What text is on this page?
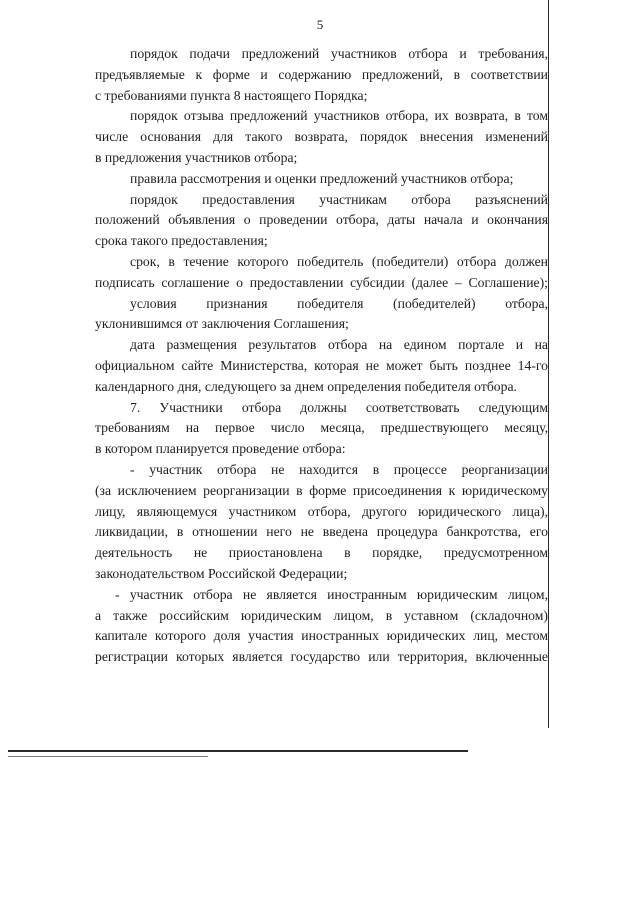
5
порядок подачи предложений участников отбора и требования,
предъявляемые к форме и содержанию предложений, в соответствии
с требованиями пункта 8 настоящего Порядка;
порядок отзыва предложений участников отбора, их возврата, в том
числе основания для такого возврата, порядок внесения изменений
в предложения участников отбора;
правила рассмотрения и оценки предложений участников отбора;
порядок предоставления участникам отбора разъяснений
положений объявления о проведении отбора, даты начала и окончания
срока такого предоставления;
срок, в течение которого победитель (победители) отбора должен
подписать соглашение о предоставлении субсидии (далее – Соглашение);
условия признания победителя (победителей) отбора,
уклонившимся от заключения Соглашения;
дата размещения результатов отбора на едином портале и на
официальном сайте Министерства, которая не может быть позднее 14-го
календарного дня, следующего за днем определения победителя отбора.
7. Участники отбора должны соответствовать следующим
требованиям на первое число месяца, предшествующего месяцу,
в котором планируется проведение отбора:
- участник отбора не находится в процессе реорганизации
(за исключением реорганизации в форме присоединения к юридическому
лицу, являющемуся участником отбора, другого юридического лица),
ликвидации, в отношении него не введена процедура банкротства, его
деятельность не приостановлена в порядке, предусмотренном
законодательством Российской Федерации;
- участник отбора не является иностранным юридическим лицом,
а также российским юридическим лицом, в уставном (складочном)
капитале которого доля участия иностранных юридических лиц, местом
регистрации которых является государство или территория, включенные
